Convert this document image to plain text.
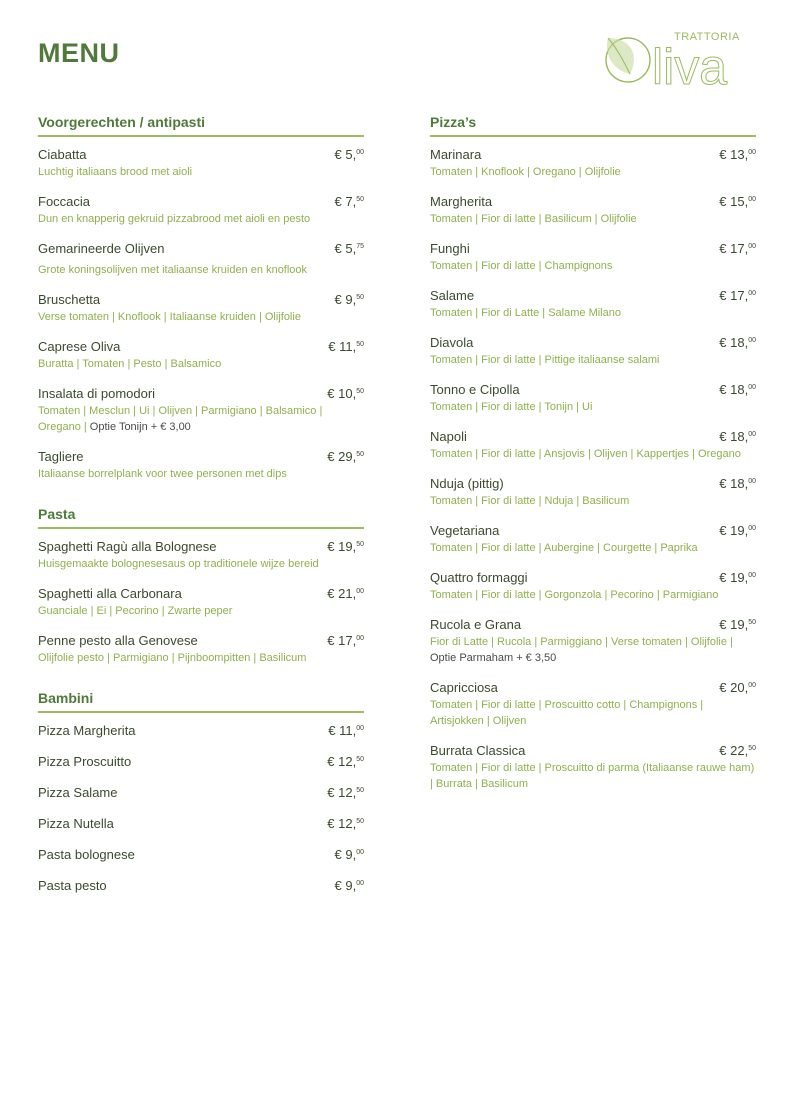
MENU
TRATTORIA
liva
Voorgerechten / antipasti
Ciabatta	€ 5,00
Luchtig italiaans brood met aioli
Foccacia	€ 7,50
Dun en knapperig gekruid pizzabrood met aioli en pesto
Gemarineerde Olijven	€ 5,75
Grote koningsolijven met italiaanse kruiden en knoflook
Bruschetta	€ 9,50
Verse tomaten | Knoflook | Italiaanse kruiden | Olijfolie
Caprese Oliva	€ 11,50
Buratta | Tomaten | Pesto | Balsamico
Insalata di pomodori	€ 10,50
Tomaten | Mesclun | Ui | Olijven | Parmigiano | Balsamico | Oregano | Optie Tonijn + € 3,00
Tagliere	€ 29,50
Italiaanse borrelplank voor twee personen met dips
Pasta
Spaghetti Ragù alla Bolognese	€ 19,50
Huisgemaakte bolognesesaus op traditionele wijze bereid
Spaghetti alla Carbonara	€ 21,00
Guanciale | Ei | Pecorino | Zwarte peper
Penne pesto alla Genovese	€ 17,00
Olijfolie pesto | Parmigiano | Pijnboompitten | Basilicum
Bambini
Pizza Margherita	€ 11,00
Pizza Proscuitto	€ 12,50
Pizza Salame	€ 12,50
Pizza Nutella	€ 12,50
Pasta bolognese	€ 9,00
Pasta pesto	€ 9,00
Pizza’s
Marinara	€ 13,00
Tomaten | Knoflook | Oregano | Olijfolie
Margherita	€ 15,00
Tomaten | Fior di latte | Basilicum | Olijfolie
Funghi	€ 17,00
Tomaten | Fior di latte | Champignons
Salame	€ 17,00
Tomaten | Fior di Latte | Salame Milano
Diavola	€ 18,00
Tomaten | Fior di latte | Pittige italiaanse salami
Tonno e Cipolla	€ 18,00
Tomaten | Fior di latte | Tonijn | Ui
Napoli	€ 18,00
Tomaten | Fior di latte | Ansjovis | Olijven | Kappertjes | Oregano
Nduja (pittig)	€ 18,00
Tomaten | Fior di latte | Nduja | Basilicum
Vegetariana	€ 19,00
Tomaten | Fior di latte | Aubergine | Courgette | Paprika
Quattro formaggi	€ 19,00
Tomaten | Fior di latte | Gorgonzola | Pecorino | Parmigiano
Rucola e Grana	€ 19,50
Fior di Latte | Rucola | Parmiggiano | Verse tomaten | Olijfolie | Optie Parmaham + € 3,50
Capricciosa	€ 20,00
Tomaten | Fior di latte | Proscuitto cotto | Champignons | Artisjokken | Olijven
Burrata Classica	€ 22,50
Tomaten | Fior di latte | Proscuitto di parma (Italiaanse rauwe ham) | Burrata | Basilicum
